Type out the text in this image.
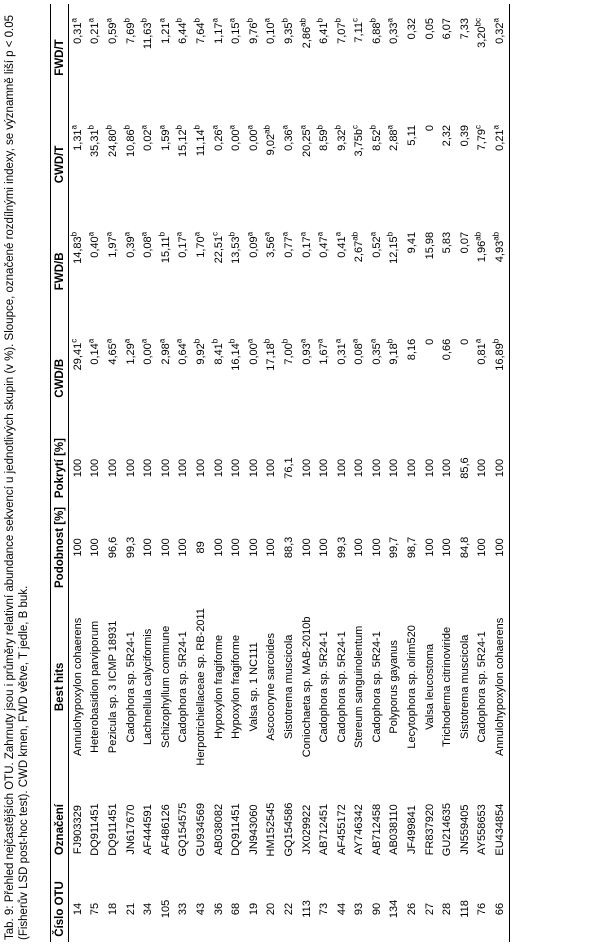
Tab. 9: Přehled nejčastějších OTU. Zahrnuty jsou i průměry relativní abundance sekvencí u jednotlivých skupin (v %). Sloupce, označené rozdílnými indexy, se významně liší p < 0.05 (Fisherův LSD post-hoc test). CWD kmen, FWD větve, T jedle, B buk. Číslo OTU	Označení	Best hits	Podobnost [%]	Pokrytí [%]	CWD/B	FWD/B	CWD/T	FWD/T
14	FJ903329	Annulohypoxylon cohaerens	100	100	29,41$^c$	14,83$^b$	1,31$^a$	0,31$^a$
75	DQ911451	Heterobasidion parviporum	100	100	0,14$^a$	0,40$^a$	35,31$^b$	0,21$^a$
18	DQ911451	Pezicula sp. 3 ICMP 18931	96,6	100	4,65$^a$	1,97$^a$	24,80$^b$	0,59$^a$
21	JN617670	Cadophora sp. 5R24-1	99,3	100	1,29$^a$	0,39$^a$	10,86$^b$	7,69$^b$
34	AF444591	Lachnellula calyciformis	100	100	0,00$^a$	0,08$^a$	0,02$^a$	11,63$^b$
105	AF486126	Schizophyllum commune	100	100	2,98$^a$	15,11$^b$	1,59$^a$	1,21$^a$
33	GQ154575	Cadophora sp. 5R24-1	100	100	0,64$^a$	0,17$^a$	15,12$^b$	6,44$^b$
43	GU934569	Herpotrichiellaceae sp. RB-2011	89	100	9,92$^b$	1,70$^a$	11,14$^b$	7,64$^b$
36	AB038082	Hypoxylon fragiforme	100	100	8,41$^b$	22,51$^c$	0,26$^a$	1,17$^a$
68	DQ911451	Hypoxylon fragiforme	100	100	16,14$^b$	13,53$^b$	0,00$^a$	0,15$^a$
19	JN943060	Valsa sp. 1 NC111	100	100	0,00$^a$	0,09$^a$	0,00$^a$	9,76$^b$
20	HM152545	Ascocoryne sarcoides	100	100	17,18$^b$	3,56$^a$	9,02$^{ab}$	0,10$^a$
22	GQ154586	Sistotrema muscicola	88,3	76,1	7,00$^b$	0,77$^a$	0,36$^a$	9,35$^b$
113	JX029922	Coniochaeta sp. MAB-2010b	100	100	0,93$^a$	0,17$^a$	20,25$^a$	2,86$^{ab}$
73	AB712451	Cadophora sp. 5R24-1	100	100	1,67$^a$	0,47$^a$	8,59$^b$	6,41$^b$
44	AF455172	Cadophora sp. 5R24-1	99,3	100	0,31$^a$	0,41$^a$	9,32$^b$	7,07$^b$
93	AY746342	Stereum sanguinolentum	100	100	0,08$^a$	2,67$^{ab}$	$3,75b^c$	7,11$^c$
90	AB712458	Cadophora sp. 5R24-1	100	100	0,35$^a$	0,52$^a$	8,52$^b$	6,88$^b$
134	AB038110	Polyporus gayanus	99,7	100	9,18$^b$	12,15$^b$	2,88$^a$	0,33$^a$
26	JF499841	Lecytophora sp. olrim520	98,7	100	8,16	9,41	5,11	0,32
27	FR837920	Valsa leucostoma	100	100	0	15,98	0	0,05
28	GU214635	Trichoderma citrinoviride	100	100	0,66	5,83	2,32	6,07
118	JN559405	Sistotrema muscicola	84,8	85,6	0	0,07	0,39	7,33
76	AY558653	Cadophora sp. 5R24-1	100	100	0,81$^a$	1,96$^{ab}$	7,79$^c$	3,20$^{bc}$
66	EU434854	Annulohypoxylon cohaerens	100	100	16,89$^b$	4,93$^{ab}$	0,21$^a$	0,32$^a$
